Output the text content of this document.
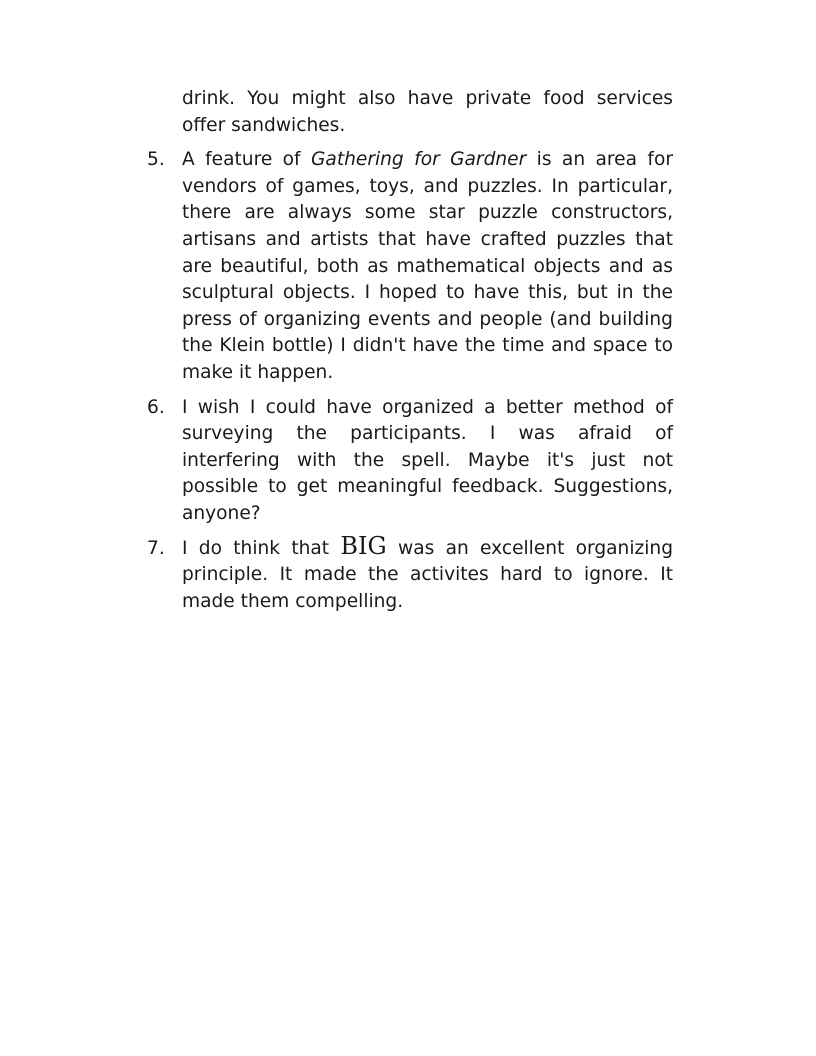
drink. You might also have private food services offer sandwiches.
5. A feature of Gathering for Gardner is an area for vendors of games, toys, and puzzles. In particular, there are always some star puzzle constructors, artisans and artists that have crafted puzzles that are beautiful, both as mathematical objects and as sculptural objects. I hoped to have this, but in the press of organizing events and people (and building the Klein bottle) I didn't have the time and space to make it happen.
6. I wish I could have organized a better method of surveying the participants. I was afraid of interfering with the spell. Maybe it's just not possible to get meaningful feedback. Suggestions, anyone?
7. I do think that BIG was an excellent organizing principle. It made the activites hard to ignore. It made them compelling.
